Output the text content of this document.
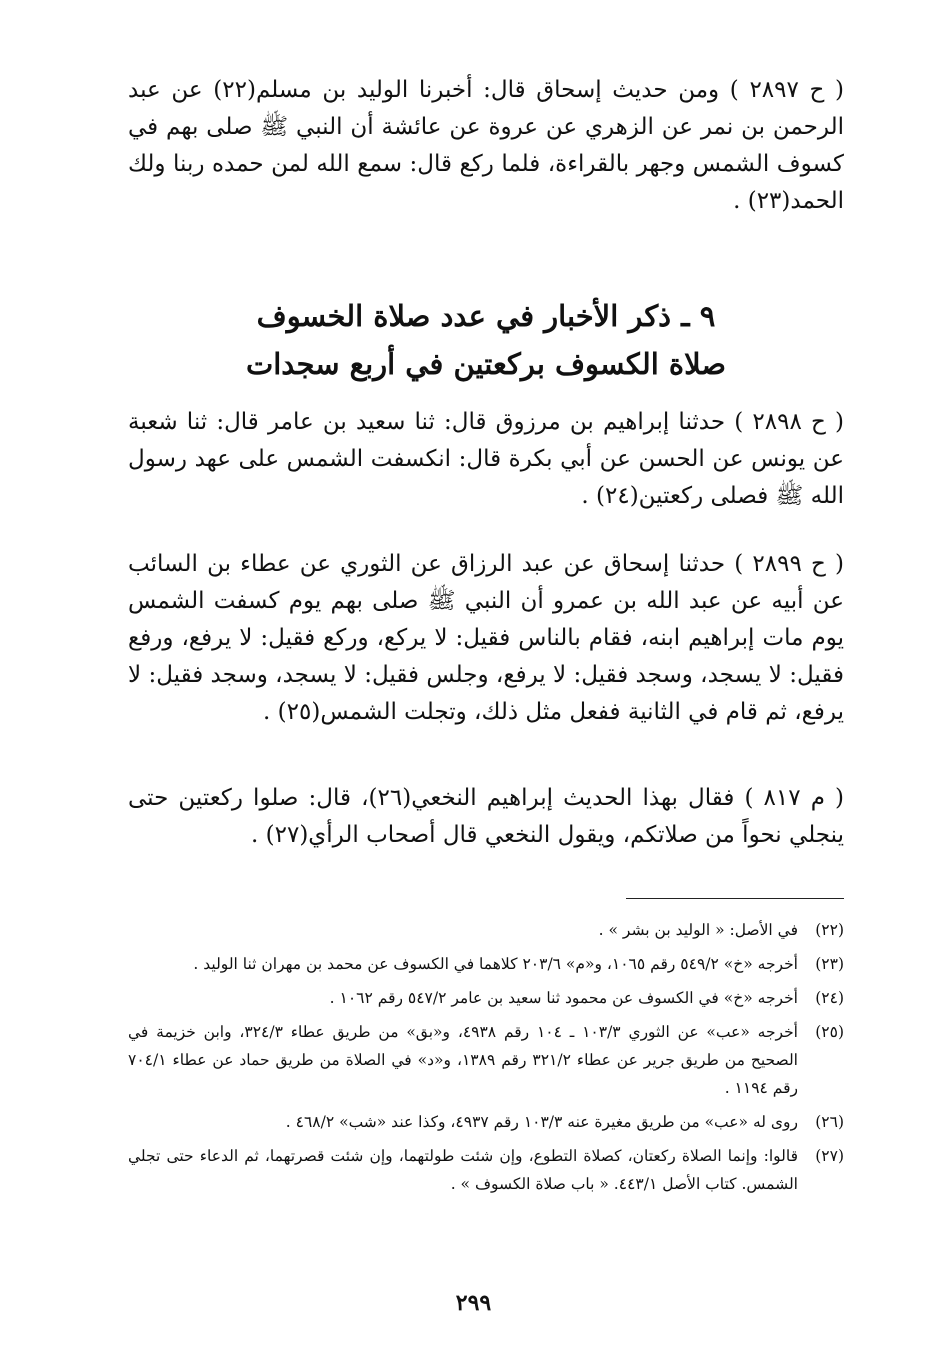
( ح ٢٨٩٧ ) ومن حديث إسحاق قال: أخبرنا الوليد بن مسلم(٢٢) عن عبد الرحمن بن نمر عن الزهري عن عروة عن عائشة أن النبي ﷺ صلى بهم في كسوف الشمس وجهر بالقراءة، فلما ركع قال: سمع الله لمن حمده ربنا ولك الحمد(٢٣) .

٩ ـ ذكر الأخبار في عدد صلاة الخسوف
صلاة الكسوف بركعتين في أربع سجدات

( ح ٢٨٩٨ ) حدثنا إبراهيم بن مرزوق قال: ثنا سعيد بن عامر قال: ثنا شعبة عن يونس عن الحسن عن أبي بكرة قال: انكسفت الشمس على عهد رسول الله ﷺ فصلى ركعتين(٢٤) .

( ح ٢٨٩٩ ) حدثنا إسحاق عن عبد الرزاق عن الثوري عن عطاء بن السائب عن أبيه عن عبد الله بن عمرو أن النبي ﷺ صلى بهم يوم كسفت الشمس يوم مات إبراهيم ابنه، فقام بالناس فقيل: لا يركع، وركع فقيل: لا يرفع، ورفع فقيل: لا يسجد، وسجد فقيل: لا يرفع، وجلس فقيل: لا يسجد، وسجد فقيل: لا يرفع، ثم قام في الثانية ففعل مثل ذلك، وتجلت الشمس(٢٥) .

( م ٨١٧ ) فقال بهذا الحديث إبراهيم النخعي(٢٦)، قال: صلوا ركعتين حتى ينجلي نحواً من صلاتكم، ويقول النخعي قال أصحاب الرأي(٢٧) .

(٢٢)
في الأصل: « الوليد بن بشر » .
(٢٣)
أخرجه «خ» ٥٤٩/٢ رقم ١٠٦٥، و«م» ٢٠٣/٦ كلاهما في الكسوف عن محمد بن مهران ثنا الوليد .
(٢٤)
أخرجه «خ» في الكسوف عن محمود ثنا سعيد بن عامر ٥٤٧/٢ رقم ١٠٦٢ .
(٢٥)
أخرجه «عب» عن الثوري ١٠٣/٣ ـ ١٠٤ رقم ٤٩٣٨، و«بق» من طريق عطاء ٣٢٤/٣، وابن خزيمة في الصحيح من طريق جرير عن عطاء ٣٢١/٢ رقم ١٣٨٩، و«د» في الصلاة من طريق حماد عن عطاء ٧٠٤/١ رقم ١١٩٤ .
(٢٦)
روى له «عب» من طريق مغيرة عنه ١٠٣/٣ رقم ٤٩٣٧، وكذا عند «شب» ٤٦٨/٢ .
(٢٧)
قالوا: وإنما الصلاة ركعتان، كصلاة التطوع، وإن شئت طولتهما، وإن شئت قصرتهما، ثم الدعاء حتى تجلي الشمس. كتاب الأصل ٤٤٣/١. « باب صلاة الكسوف » .
٢٩٩
